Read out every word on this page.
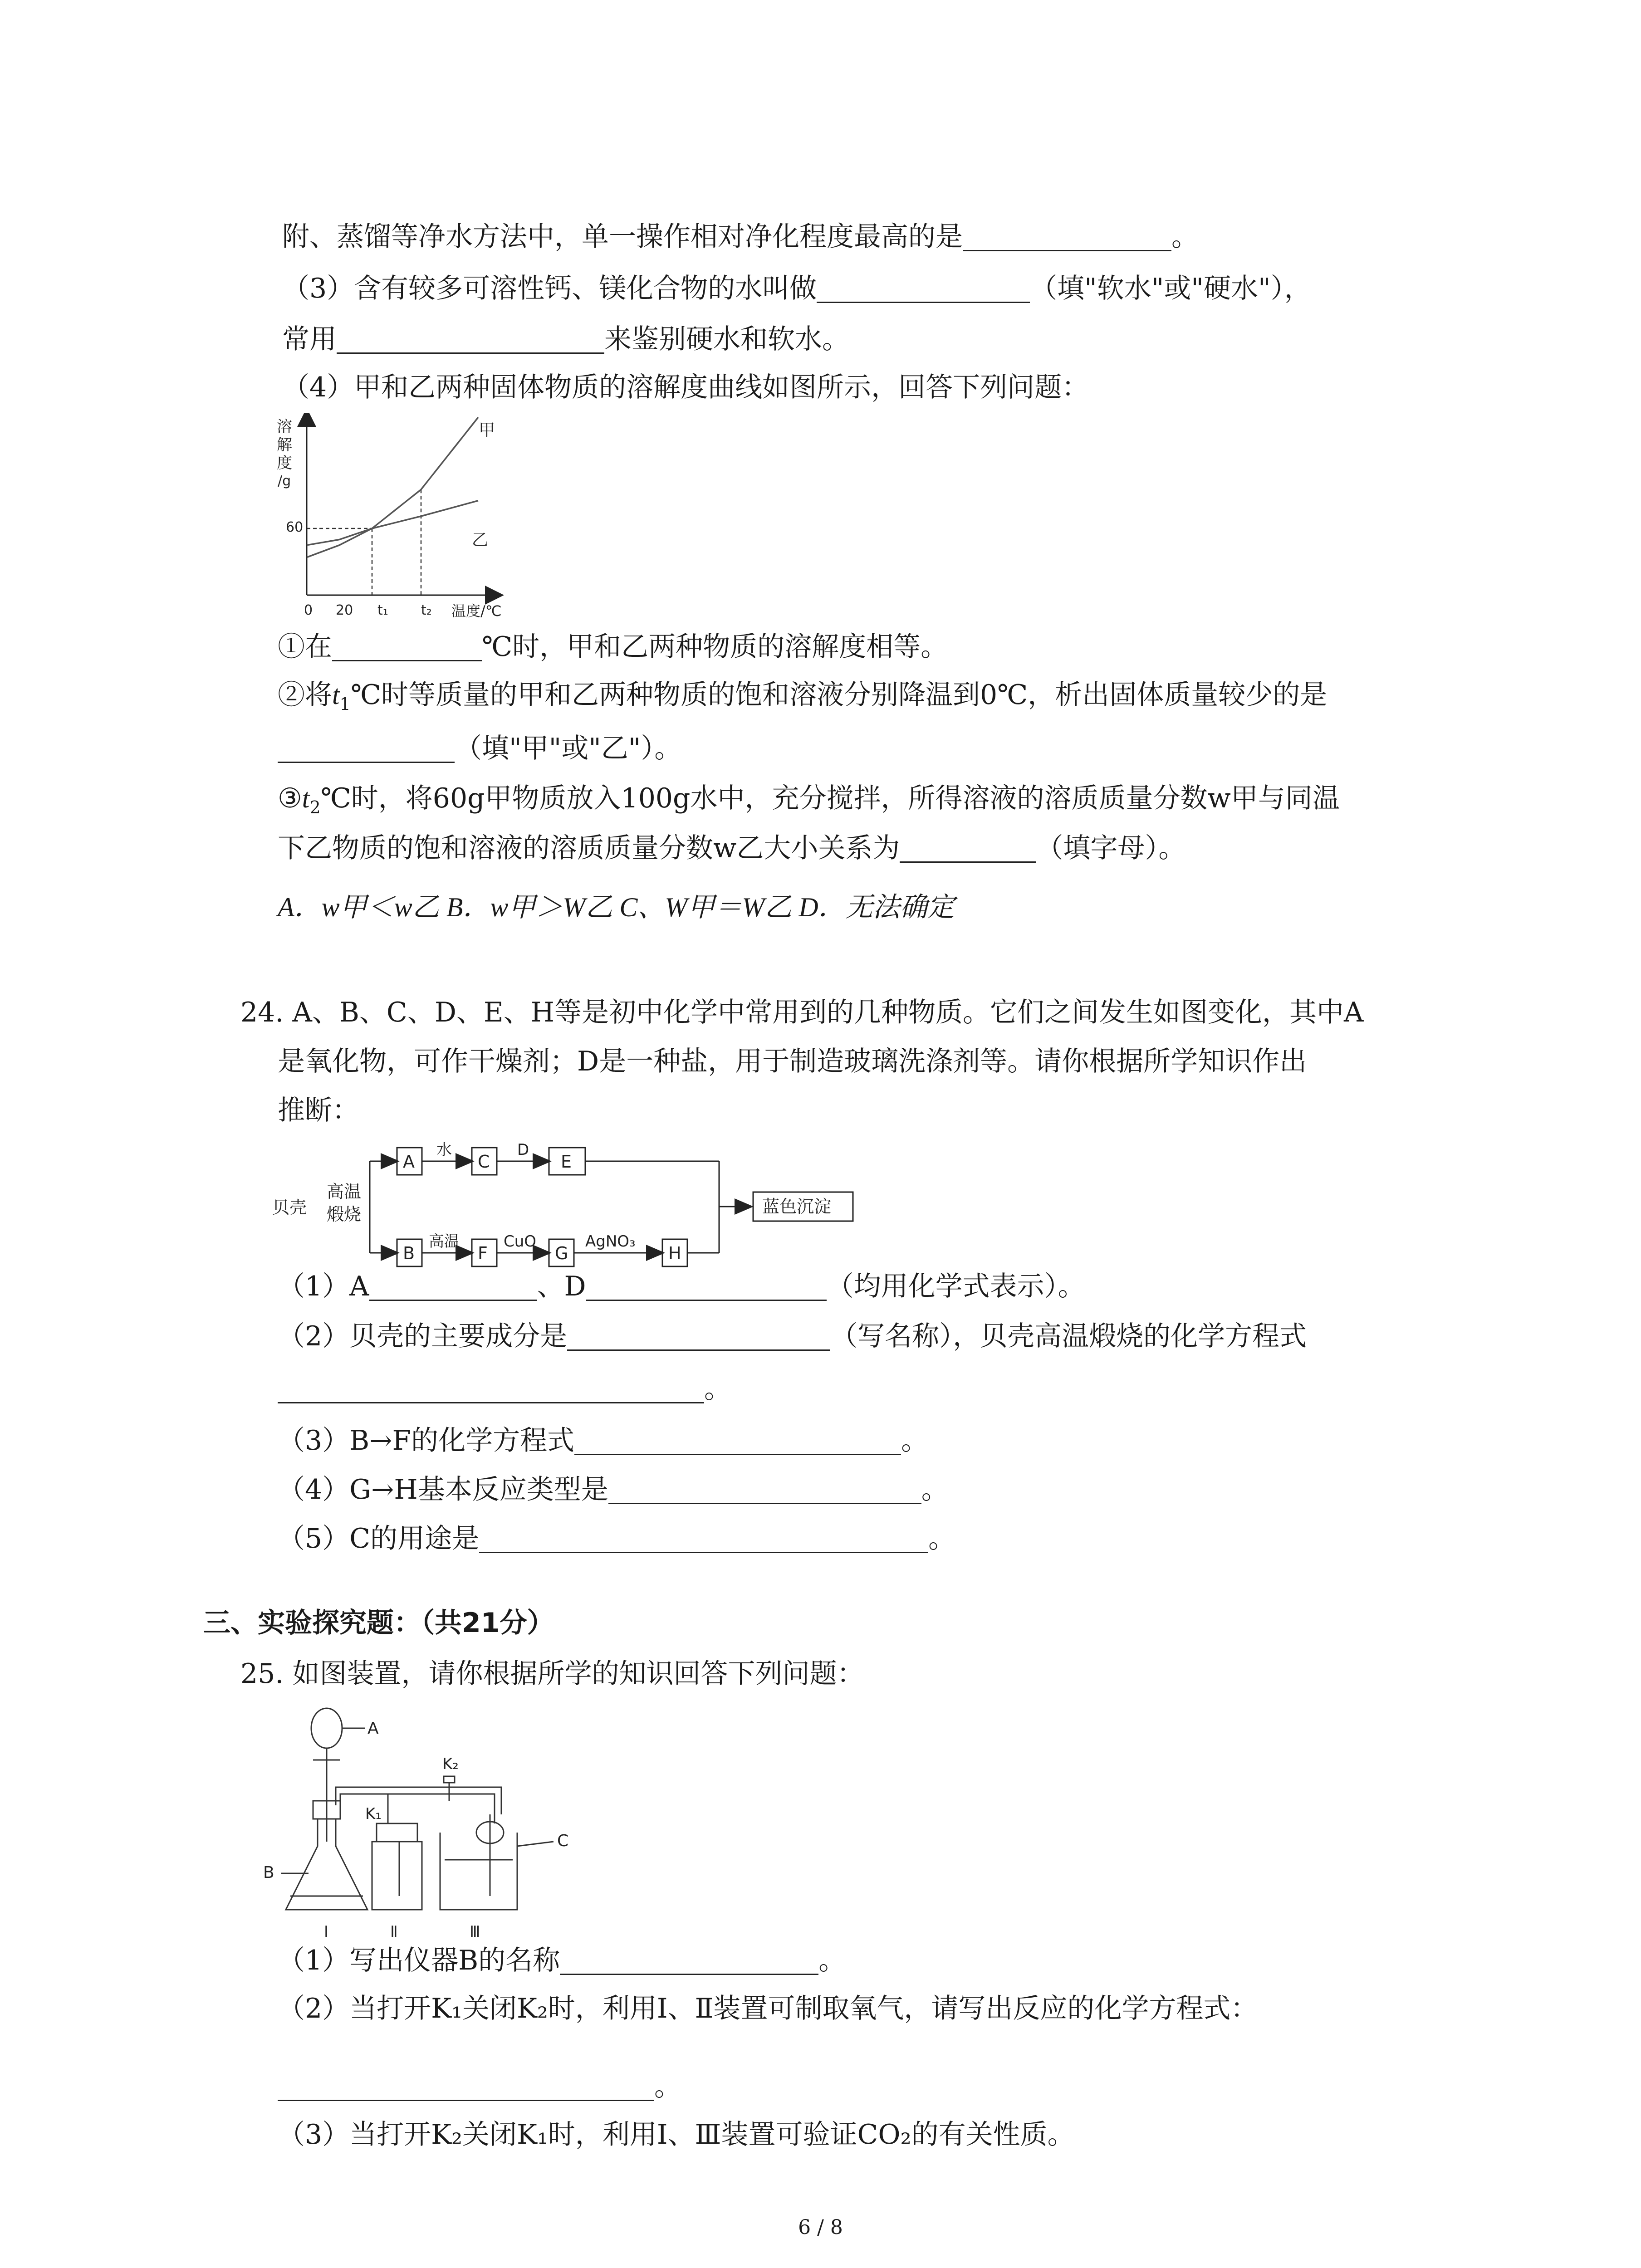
附、蒸馏等净水方法中，单一操作相对净化程度最高的是	。
（3）含有较多可溶性钙、镁化合物的水叫做	（填"软水"或"硬水"），
常用	来鉴别硬水和软水。
（4）甲和乙两种固体物质的溶解度曲线如图所示，回答下列问题：
溶
解
度
/g
60
0 20 t₁ t₂ 温度/℃
甲
乙
①在	℃时，甲和乙两种物质的溶解度相等。
②将$t_1℃$时等质量的甲和乙两种物质的饱和溶液分别降温到0℃，析出固体质量较少的是
（填"甲"或"乙"）。
$③t_2℃$时，将60g甲物质放入100g水中，充分搅拌，所得溶液的溶质质量分数w甲与同温
下乙物质的饱和溶液的溶质质量分数w乙大小关系为	（填字母）。
A．w甲＜w乙 B．w甲＞W乙 C、W甲＝W乙 D．无法确定
24. A、B、C、D、E、H等是初中化学中常用到的几种物质。它们之间发生如图变化，其中A
是氧化物，可作干燥剂；D是一种盐，用于制造玻璃洗涤剂等。请你根据所学知识作出
推断：
贝壳
高温
煅烧
A	C	E
B	F	G	H
水	D
高温	CuO	AgNO₃
蓝色沉淀
（1）A	、D	（均用化学式表示）。
（2）贝壳的主要成分是	（写名称），贝壳高温煅烧的化学方程式
。
（3）B→F的化学方程式	。
（4）G→H基本反应类型是	。
（5）C的用途是	。
三、实验探究题：（共21分）
25. 如图装置，请你根据所学的知识回答下列问题：
A
K₁
K₂
B
C
I	Ⅱ	Ⅲ
（1）写出仪器B的名称	。
（2）当打开K₁关闭K₂时，利用I、Ⅱ装置可制取氧气，请写出反应的化学方程式：
。
（3）当打开K₂关闭K₁时，利用I、Ⅲ装置可验证CO₂的有关性质。
6 / 8
